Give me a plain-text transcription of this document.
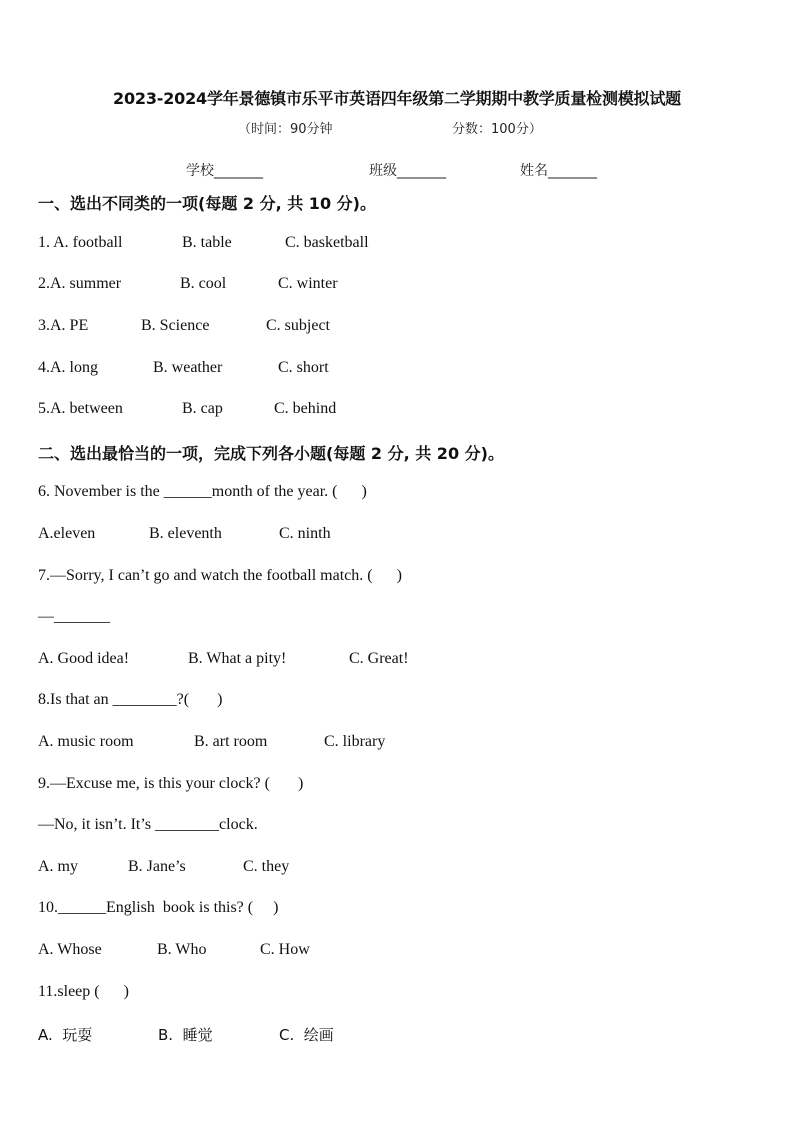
2023-2024学年景德镇市乐平市英语四年级第二学期期中教学质量检测模拟试题
（时间：90分钟	分数：100分）
学校_______	班级_______	姓名_______
一、选出不同类的一项(每题 2 分, 共 10 分)。
1. A. football	B. table	C. basketball
2.A. summer	B. cool	C. winter
3.A. PE	B. Science	C. subject
4.A. long	B. weather	C. short
5.A. between	B. cap	C. behind
二、选出最恰当的一项，完成下列各小题(每题 2 分, 共 20 分)。
6. November is the ______month of the year. (      )
A.eleven	B. eleventh	C. ninth
7.—Sorry, I can’t go and watch the football match. (      )
—_______
A. Good idea!	B. What a pity!	C. Great!
8.Is that an ________?(       )
A. music room	B. art room	C. library
9.—Excuse me, is this your clock? (       )
—No, it isn’t. It’s ________clock.
A. my	B. Jane’s	C. they
10.______English  book is this? (     )
A. Whose	B. Who	C. How
11.sleep (      )
A.  玩耍	B.  睡觉	C.  绘画
